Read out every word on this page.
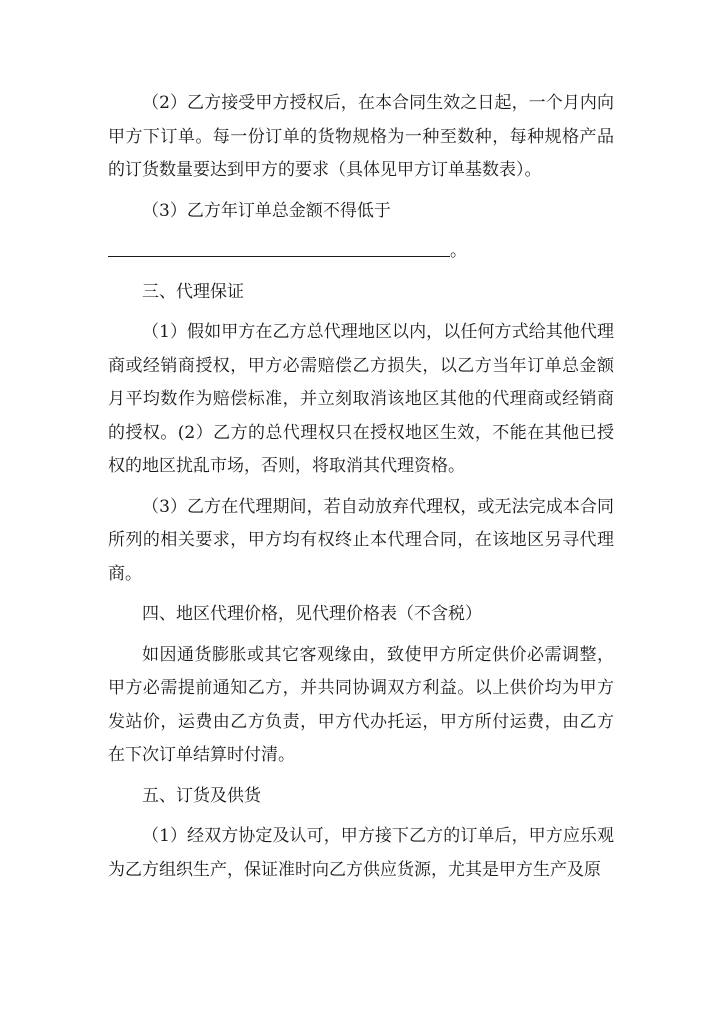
（2）乙方接受甲方授权后，在本合同生效之日起，一个月内向甲方下订单。每一份订单的货物规格为一种至数种，每种规格产品的订货数量要达到甲方的要求（具体见甲方订单基数表）。

（3）乙方年订单总金额不得低于

。

三、代理保证

（1）假如甲方在乙方总代理地区以内，以任何方式给其他代理商或经销商授权，甲方必需赔偿乙方损失，以乙方当年订单总金额月平均数作为赔偿标准，并立刻取消该地区其他的代理商或经销商的授权。(2）乙方的总代理权只在授权地区生效，不能在其他已授权的地区扰乱市场，否则，将取消其代理资格。

（3）乙方在代理期间，若自动放弃代理权，或无法完成本合同所列的相关要求，甲方均有权终止本代理合同，在该地区另寻代理商。

四、地区代理价格，见代理价格表（不含税）

如因通货膨胀或其它客观缘由，致使甲方所定供价必需调整，甲方必需提前通知乙方，并共同协调双方利益。以上供价均为甲方发站价，运费由乙方负责，甲方代办托运，甲方所付运费，由乙方在下次订单结算时付清。

五、订货及供货

（1）经双方协定及认可，甲方接下乙方的订单后，甲方应乐观为乙方组织生产，保证准时向乙方供应货源，尤其是甲方生产及原
